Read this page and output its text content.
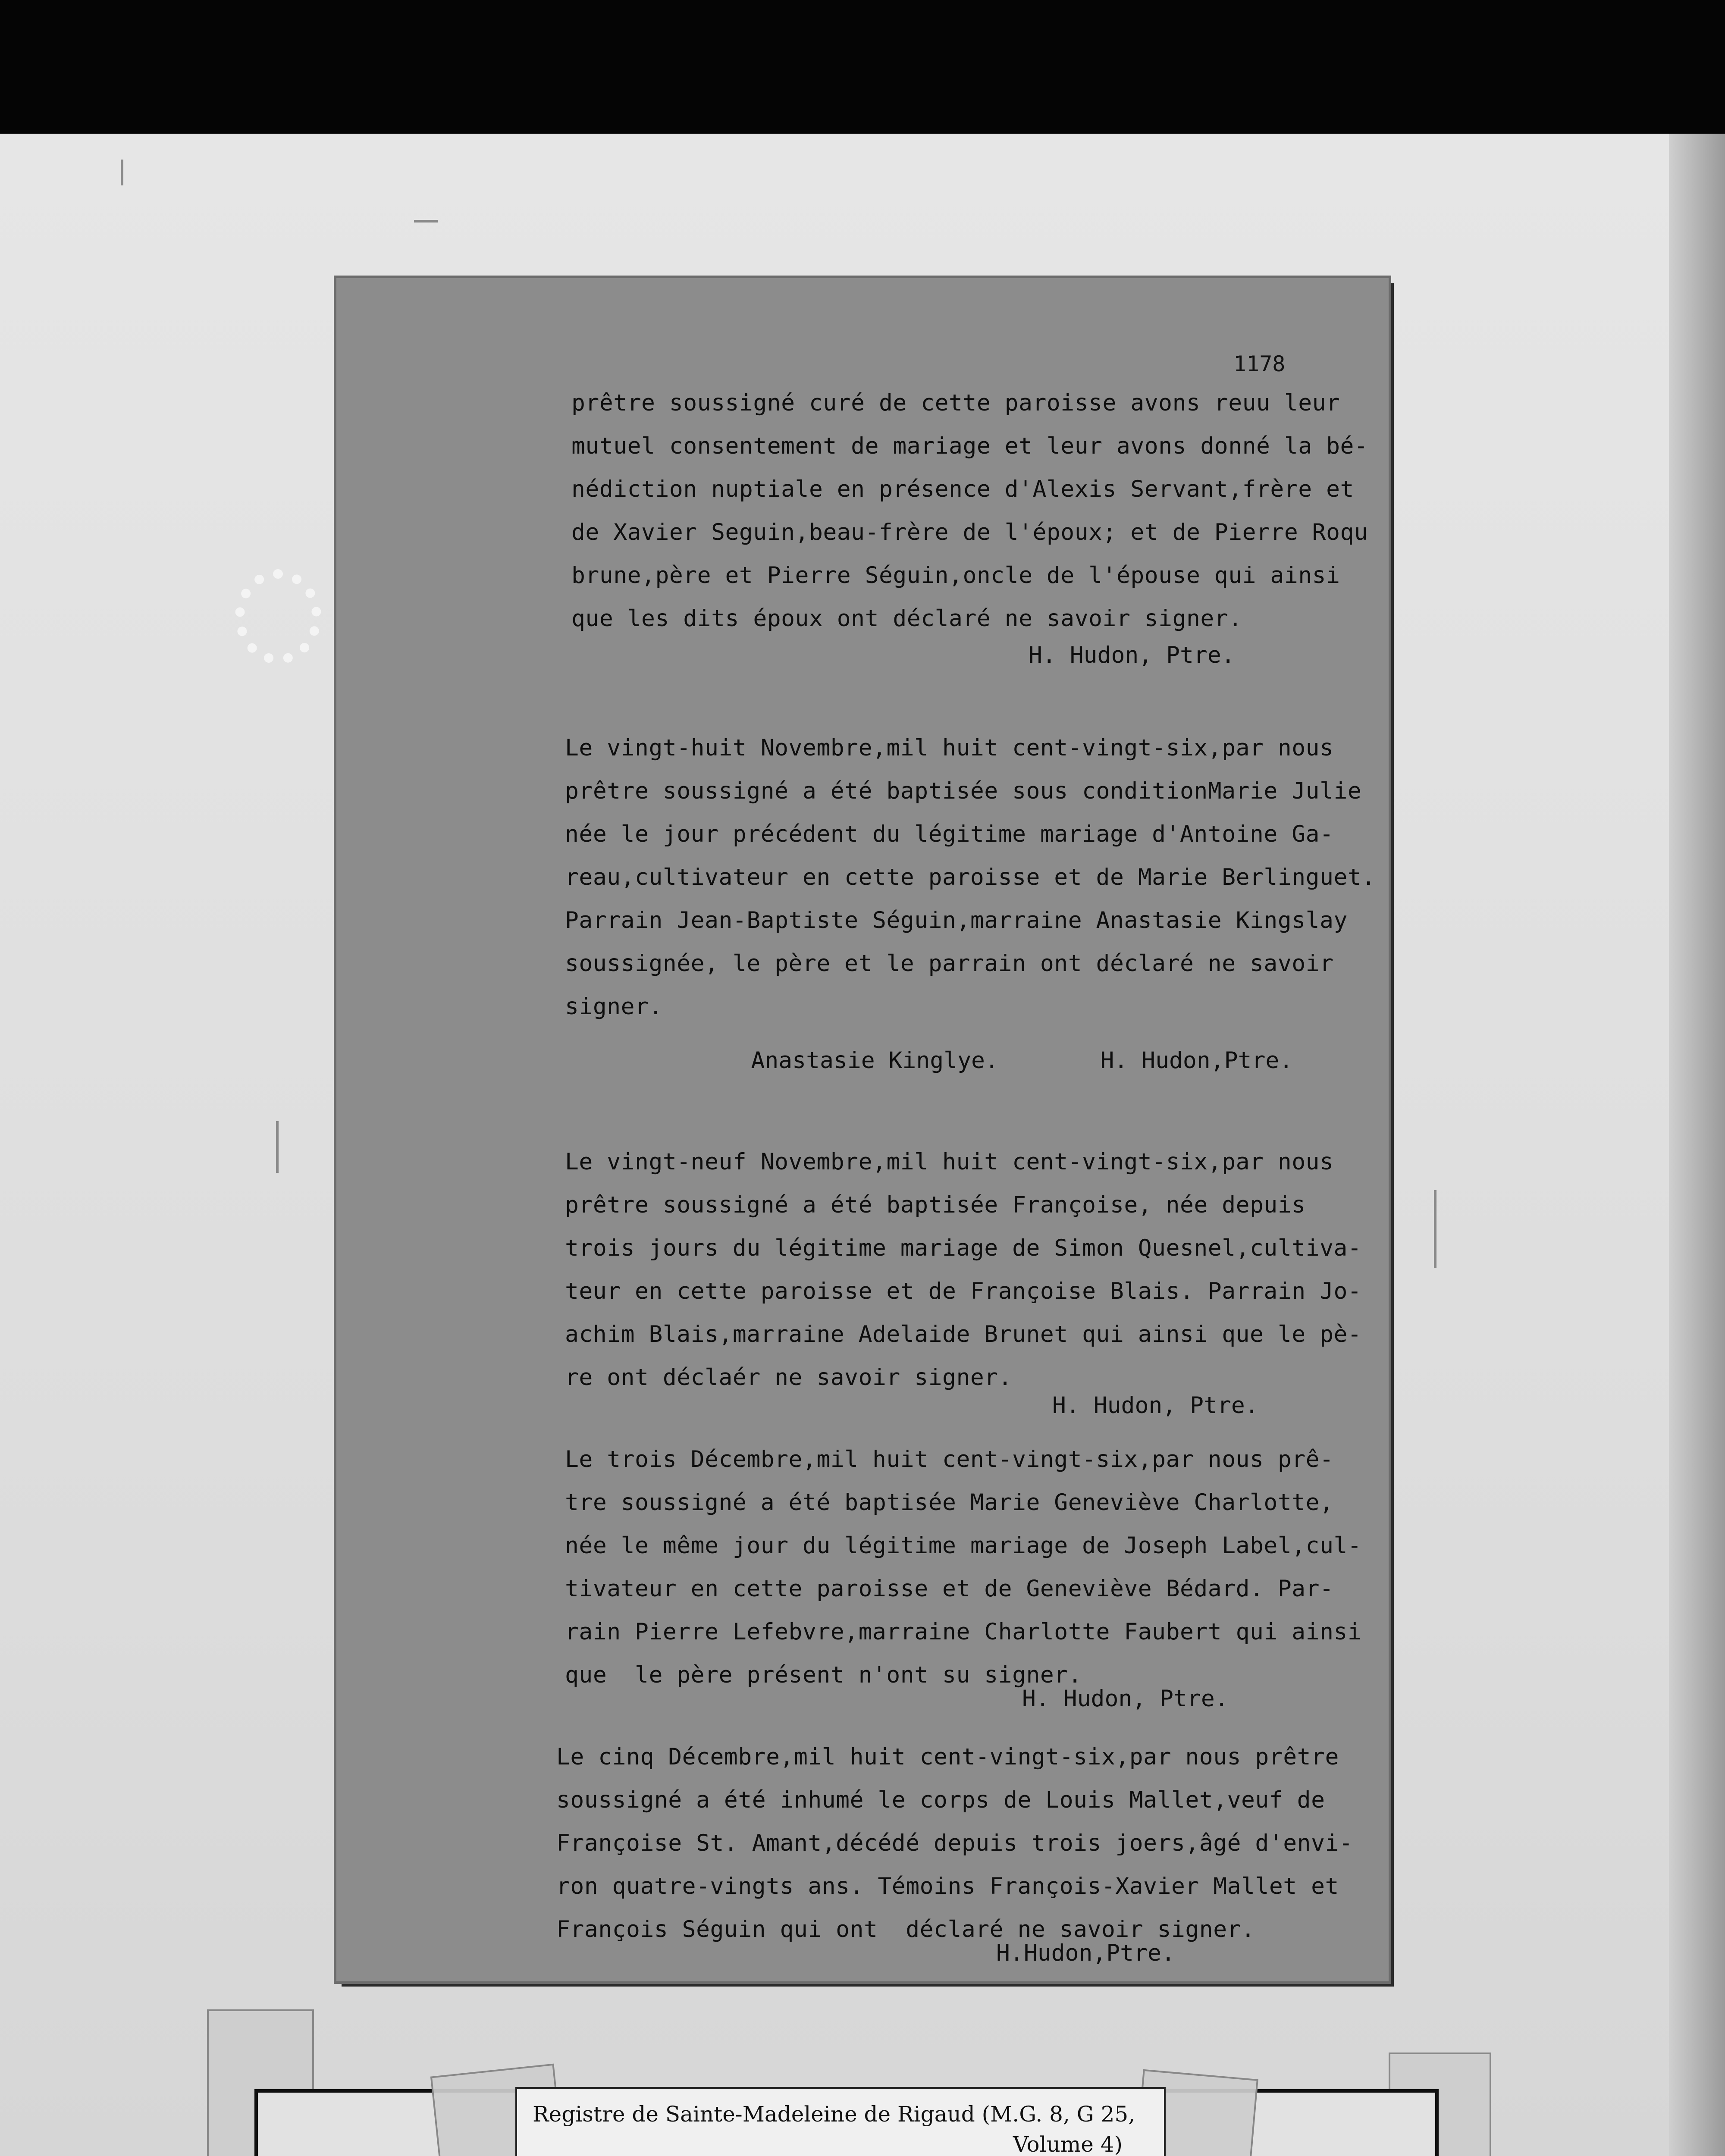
1178
prêtre soussigné curé de cette paroisse avons reuu leur
mutuel consentement de mariage et leur avons donné la bé-
nédiction nuptiale en présence d'Alexis Servant,frère et
de Xavier Seguin,beau-frère de l'époux; et de Pierre Roqu
brune,père et Pierre Séguin,oncle de l'épouse qui ainsi
que les dits époux ont déclaré ne savoir signer.
H. Hudon, Ptre.
Le vingt-huit Novembre,mil huit cent-vingt-six,par nous
prêtre soussigné a été baptisée sous conditionMarie Julie
née le jour précédent du légitime mariage d'Antoine Ga-
reau,cultivateur en cette paroisse et de Marie Berlinguet.
Parrain Jean-Baptiste Séguin,marraine Anastasie Kingslay
soussignée, le père et le parrain ont déclaré ne savoir
signer.

Anastasie Kinglye.	H. Hudon,Ptre.

Le vingt-neuf Novembre,mil huit cent-vingt-six,par nous
prêtre soussigné a été baptisée Françoise, née depuis
trois jours du légitime mariage de Simon Quesnel,cultiva-
teur en cette paroisse et de Françoise Blais. Parrain Jo-
achim Blais,marraine Adelaide Brunet qui ainsi que le pè-
re ont déclaér ne savoir signer.
H. Hudon, Ptre.
Le trois Décembre,mil huit cent-vingt-six,par nous prê-
tre soussigné a été baptisée Marie Geneviève Charlotte,
née le même jour du légitime mariage de Joseph Label,cul-
tivateur en cette paroisse et de Geneviève Bédard. Par-
rain Pierre Lefebvre,marraine Charlotte Faubert qui ainsi
que  le père présent n'ont su signer.
H. Hudon, Ptre.
Le cinq Décembre,mil huit cent-vingt-six,par nous prêtre
soussigné a été inhumé le corps de Louis Mallet,veuf de
Françoise St. Amant,décédé depuis trois joers,âgé d'envi-
ron quatre-vingts ans. Témoins François-Xavier Mallet et
François Séguin qui ont  déclaré ne savoir signer.
H.Hudon,Ptre.
Registre de Sainte-Madeleine de Rigaud (M.G. 8, G 25,
Volume 4)
